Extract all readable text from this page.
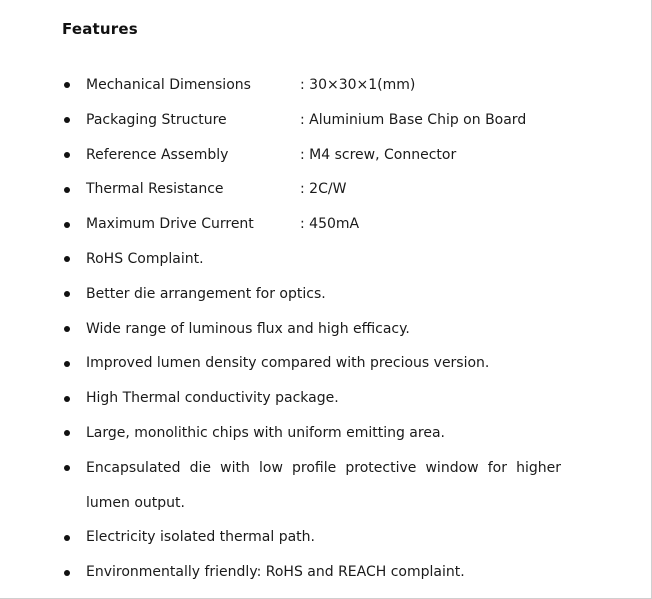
Features
Mechanical Dimensions	: 30×30×1(mm)
Packaging Structure	: Aluminium Base Chip on Board
Reference Assembly	: M4 screw, Connector
Thermal Resistance	: 2C/W
Maximum Drive Current	: 450mA
RoHS Complaint.
Better die arrangement for optics.
Wide range of luminous flux and high efficacy.
Improved lumen density compared with precious version.
High Thermal conductivity package.
Large, monolithic chips with uniform emitting area.
Encapsulated die with low profile protective window for higher lumen output.
Electricity isolated thermal path.
Environmentally friendly: RoHS and REACH complaint.
